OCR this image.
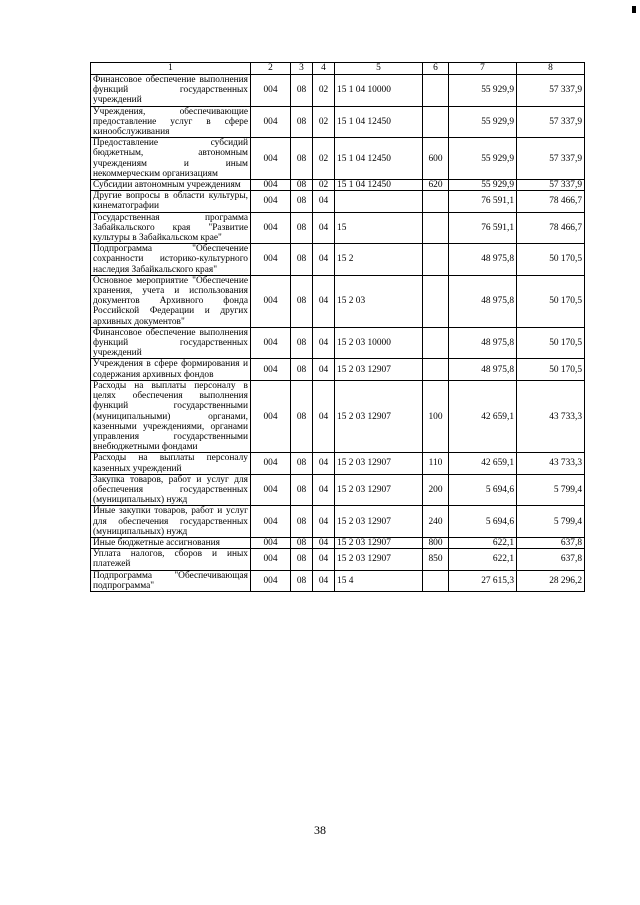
1	2	3	4	5	6	7	8
Финансовое обеспечение выполнения функций государственных учреждений	004	08	02	15 1 04 10000		55 929,9	57 337,9
Учреждения, обеспечивающие предоставление услуг в сфере кинообслуживания	004	08	02	15 1 04 12450		55 929,9	57 337,9
Предоставление субсидий бюджетным, автономным учреждениям и иным некоммерческим организациям	004	08	02	15 1 04 12450	600	55 929,9	57 337,9
Субсидии автономным учреждениям	004	08	02	15 1 04 12450	620	55 929,9	57 337,9
Другие вопросы в области культуры, кинематографии	004	08	04			76 591,1	78 466,7
Государственная программа Забайкальского края "Развитие культуры в Забайкальском крае"	004	08	04	15		76 591,1	78 466,7
Подпрограмма "Обеспечение сохранности историко-культурного наследия Забайкальского края"	004	08	04	15 2		48 975,8	50 170,5
Основное мероприятие "Обеспечение хранения, учета и использования документов Архивного фонда Российской Федерации и других архивных документов"	004	08	04	15 2 03		48 975,8	50 170,5
Финансовое обеспечение выполнения функций государственных учреждений	004	08	04	15 2 03 10000		48 975,8	50 170,5
Учреждения в сфере формирования и содержания архивных фондов	004	08	04	15 2 03 12907		48 975,8	50 170,5
Расходы на выплаты персоналу в целях обеспечения выполнения функций государственными (муниципальными) органами, казенными учреждениями, органами управления государственными внебюджетными фондами	004	08	04	15 2 03 12907	100	42 659,1	43 733,3
Расходы на выплаты персоналу казенных учреждений	004	08	04	15 2 03 12907	110	42 659,1	43 733,3
Закупка товаров, работ и услуг для обеспечения государственных (муниципальных) нужд	004	08	04	15 2 03 12907	200	5 694,6	5 799,4
Иные закупки товаров, работ и услуг для обеспечения государственных (муниципальных) нужд	004	08	04	15 2 03 12907	240	5 694,6	5 799,4
Иные бюджетные ассигнования	004	08	04	15 2 03 12907	800	622,1	637,8
Уплата налогов, сборов и иных платежей	004	08	04	15 2 03 12907	850	622,1	637,8
Подпрограмма "Обеспечивающая подпрограмма"	004	08	04	15 4		27 615,3	28 296,2
38
